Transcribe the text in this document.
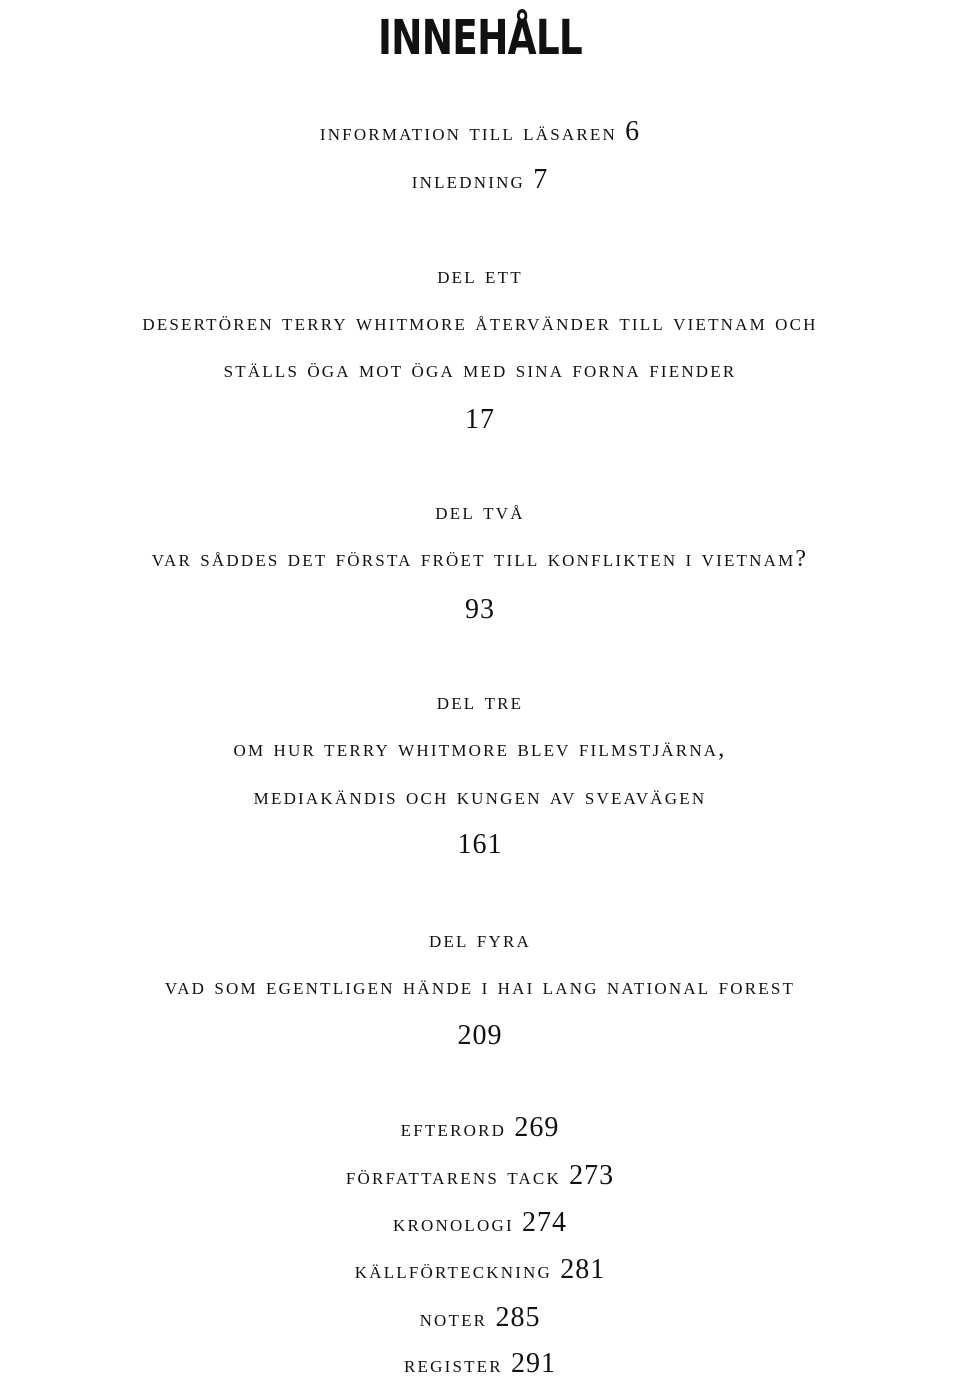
INNEHÅLL
information till läsaren 6
inledning 7
del ett
desertören terry whitmore återvänder till vietnam och
ställs öga mot öga med sina forna fiender
17
del två
var såddes det första fröet till konflikten i vietnam?
93
del tre
om hur terry whitmore blev filmstjärna,
mediakändis och kungen av sveavägen
161
del fyra
vad som egentligen hände i hai lang national forest
209
efterord 269
författarens tack 273
kronologi 274
källförteckning 281
noter 285
register 291
